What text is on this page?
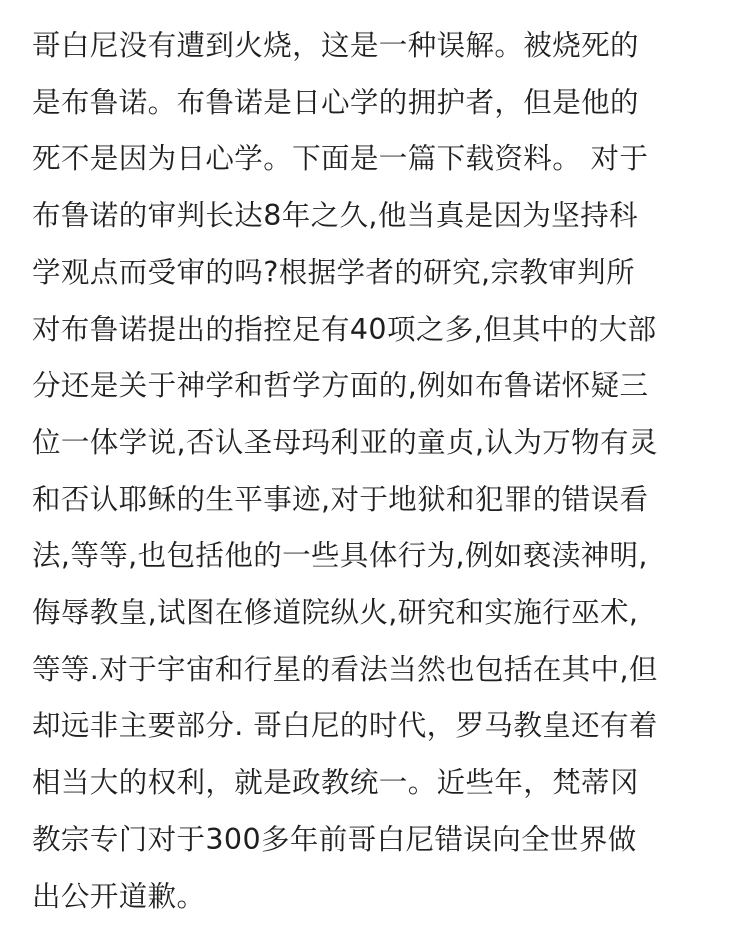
哥白尼没有遭到火烧，这是一种误解。被烧死的
是布鲁诺。布鲁诺是日心学的拥护者，但是他的
死不是因为日心学。下面是一篇下载资料。 对于
布鲁诺的审判长达8年之久,他当真是因为坚持科
学观点而受审的吗?根据学者的研究,宗教审判所
对布鲁诺提出的指控足有40项之多,但其中的大部
分还是关于神学和哲学方面的,例如布鲁诺怀疑三
位一体学说,否认圣母玛利亚的童贞,认为万物有灵
和否认耶稣的生平事迹,对于地狱和犯罪的错误看
法,等等,也包括他的一些具体行为,例如亵渎神明,
侮辱教皇,试图在修道院纵火,研究和实施行巫术,
等等.对于宇宙和行星的看法当然也包括在其中,但
却远非主要部分. 哥白尼的时代，罗马教皇还有着
相当大的权利，就是政教统一。近些年，梵蒂冈
教宗专门对于300多年前哥白尼错误向全世界做
出公开道歉。
